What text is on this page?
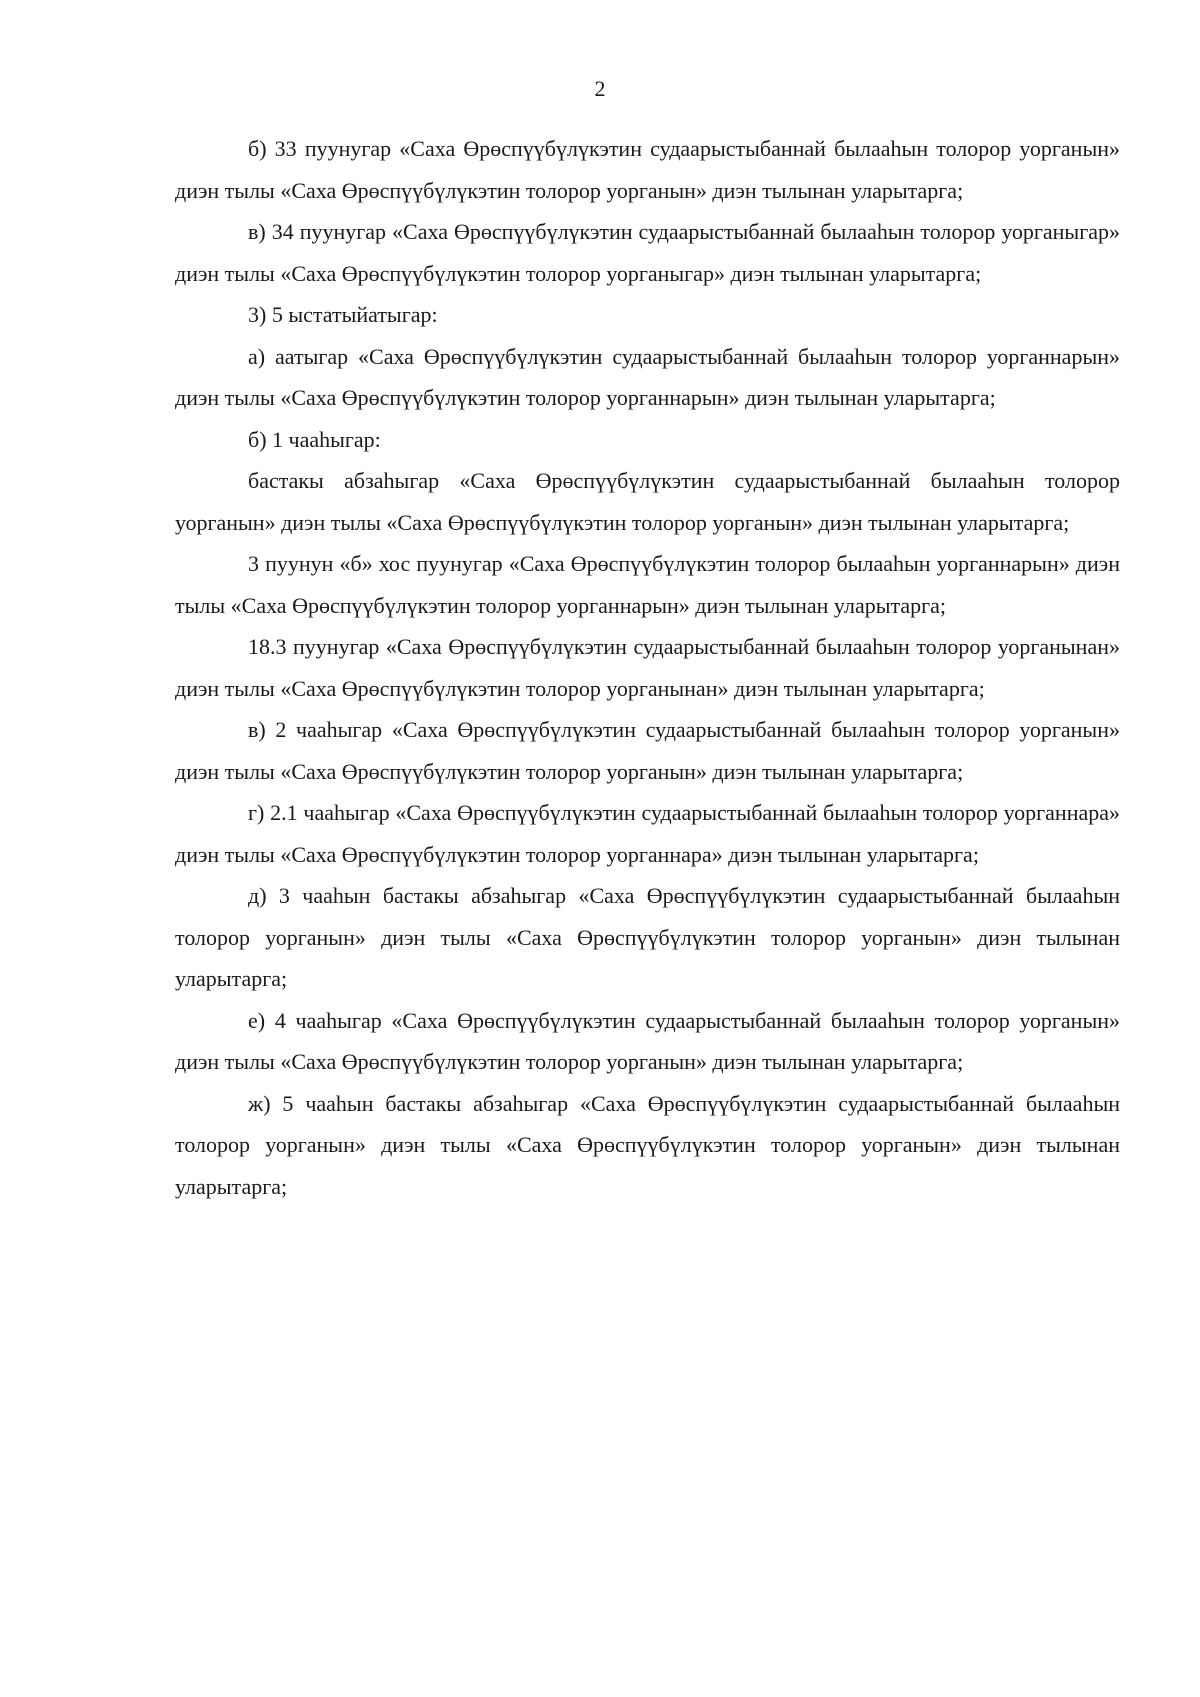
2

б) 33 пуунугар «Саха Өрөспүүбүлүкэтин судаарыстыбаннай былааһын толорор уорганын» диэн тылы «Саха Өрөспүүбүлүкэтин толорор уорганын» диэн тылынан уларытарга;

в) 34 пуунугар «Саха Өрөспүүбүлүкэтин судаарыстыбаннай былааһын толорор уорганыгар» диэн тылы «Саха Өрөспүүбүлүкэтин толорор уорганыгар» диэн тылынан уларытарга;

3) 5 ыстатыйатыгар:

а) аатыгар «Саха Өрөспүүбүлүкэтин судаарыстыбаннай былааһын толорор уорганнарын» диэн тылы «Саха Өрөспүүбүлүкэтин толорор уорганнарын» диэн тылынан уларытарга;

б) 1 чааһыгар:

бастакы абзаһыгар «Саха Өрөспүүбүлүкэтин судаарыстыбаннай былааһын толорор уорганын» диэн тылы «Саха Өрөспүүбүлүкэтин толорор уорганын» диэн тылынан уларытарга;

3 пуунун «б» хос пуунугар «Саха Өрөспүүбүлүкэтин толорор былааһын уорганнарын» диэн тылы «Саха Өрөспүүбүлүкэтин толорор уорганнарын» диэн тылынан уларытарга;

18.3 пуунугар «Саха Өрөспүүбүлүкэтин судаарыстыбаннай былааһын толорор уорганынан» диэн тылы «Саха Өрөспүүбүлүкэтин толорор уорганынан» диэн тылынан уларытарга;

в) 2 чааһыгар «Саха Өрөспүүбүлүкэтин судаарыстыбаннай былааһын толорор уорганын» диэн тылы «Саха Өрөспүүбүлүкэтин толорор уорганын» диэн тылынан уларытарга;

г) 2.1 чааһыгар «Саха Өрөспүүбүлүкэтин судаарыстыбаннай былааһын толорор уорганнара» диэн тылы «Саха Өрөспүүбүлүкэтин толорор уорганнара» диэн тылынан уларытарга;

д) 3 чааһын бастакы абзаһыгар «Саха Өрөспүүбүлүкэтин судаарыстыбаннай былааһын толорор уорганын» диэн тылы «Саха Өрөспүүбүлүкэтин толорор уорганын» диэн тылынан уларытарга;

е) 4 чааһыгар «Саха Өрөспүүбүлүкэтин судаарыстыбаннай былааһын толорор уорганын» диэн тылы «Саха Өрөспүүбүлүкэтин толорор уорганын» диэн тылынан уларытарга;

ж) 5 чааһын бастакы абзаһыгар «Саха Өрөспүүбүлүкэтин судаарыстыбаннай былааһын толорор уорганын» диэн тылы «Саха Өрөспүүбүлүкэтин толорор уорганын» диэн тылынан уларытарга;
